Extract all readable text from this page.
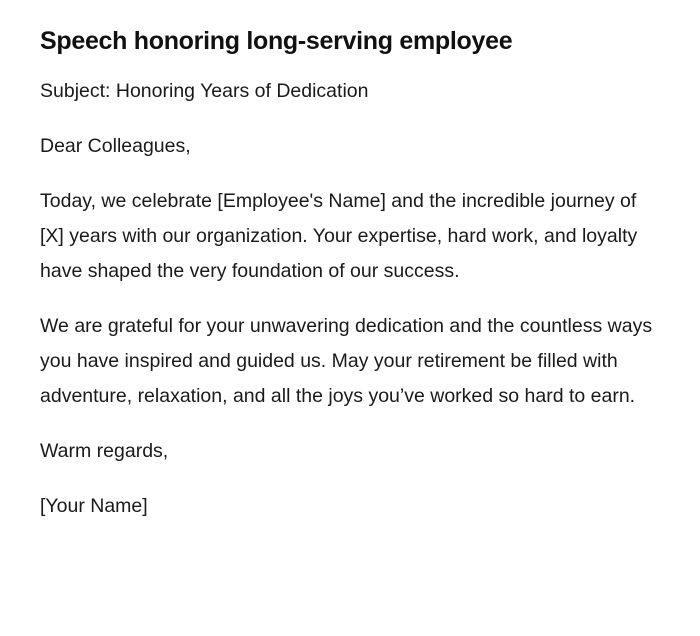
Speech honoring long-serving employee

Subject: Honoring Years of Dedication

Dear Colleagues,

Today, we celebrate [Employee's Name] and the incredible journey of [X] years with our organization. Your expertise, hard work, and loyalty have shaped the very foundation of our success.

We are grateful for your unwavering dedication and the countless ways you have inspired and guided us. May your retirement be filled with adventure, relaxation, and all the joys you’ve worked so hard to earn.

Warm regards,

[Your Name]
